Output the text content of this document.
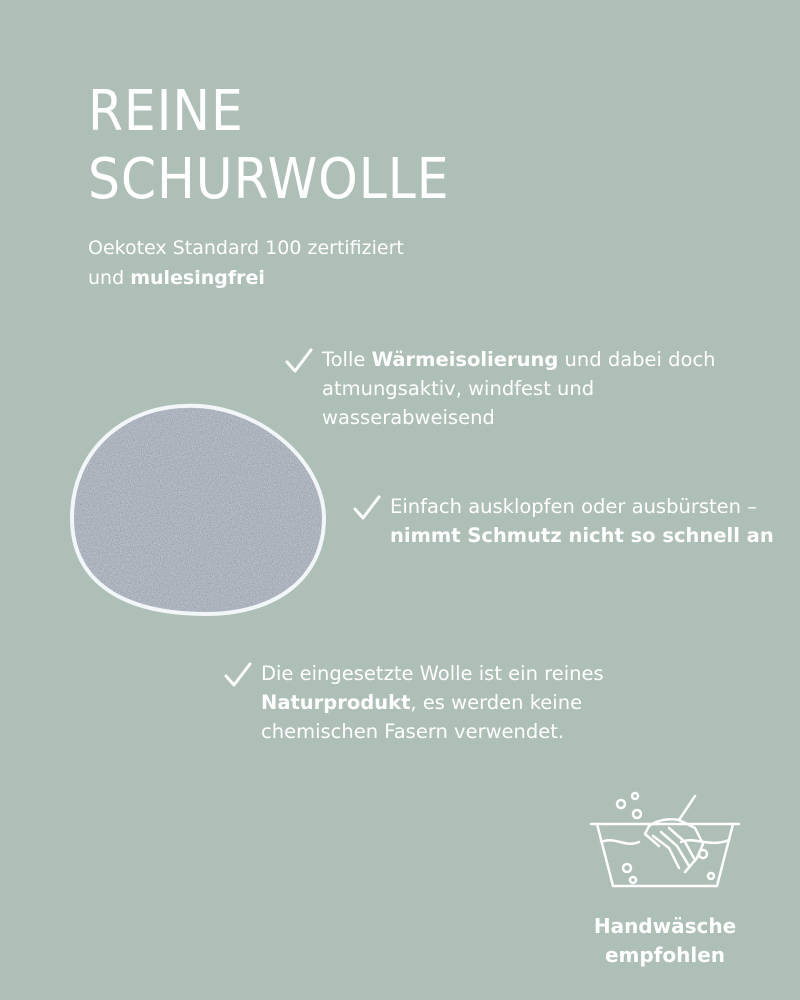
REINE
SCHURWOLLE
Oekotex Standard 100 zertifiziert
und mulesingfrei
Tolle Wärmeisolierung und dabei doch atmungsaktiv, windfest und wasserabweisend
Einfach ausklopfen oder ausbürsten – nimmt Schmutz nicht so schnell an
Die eingesetzte Wolle ist ein reines Naturprodukt, es werden keine chemischen Fasern verwendet.
Handwäsche
empfohlen
